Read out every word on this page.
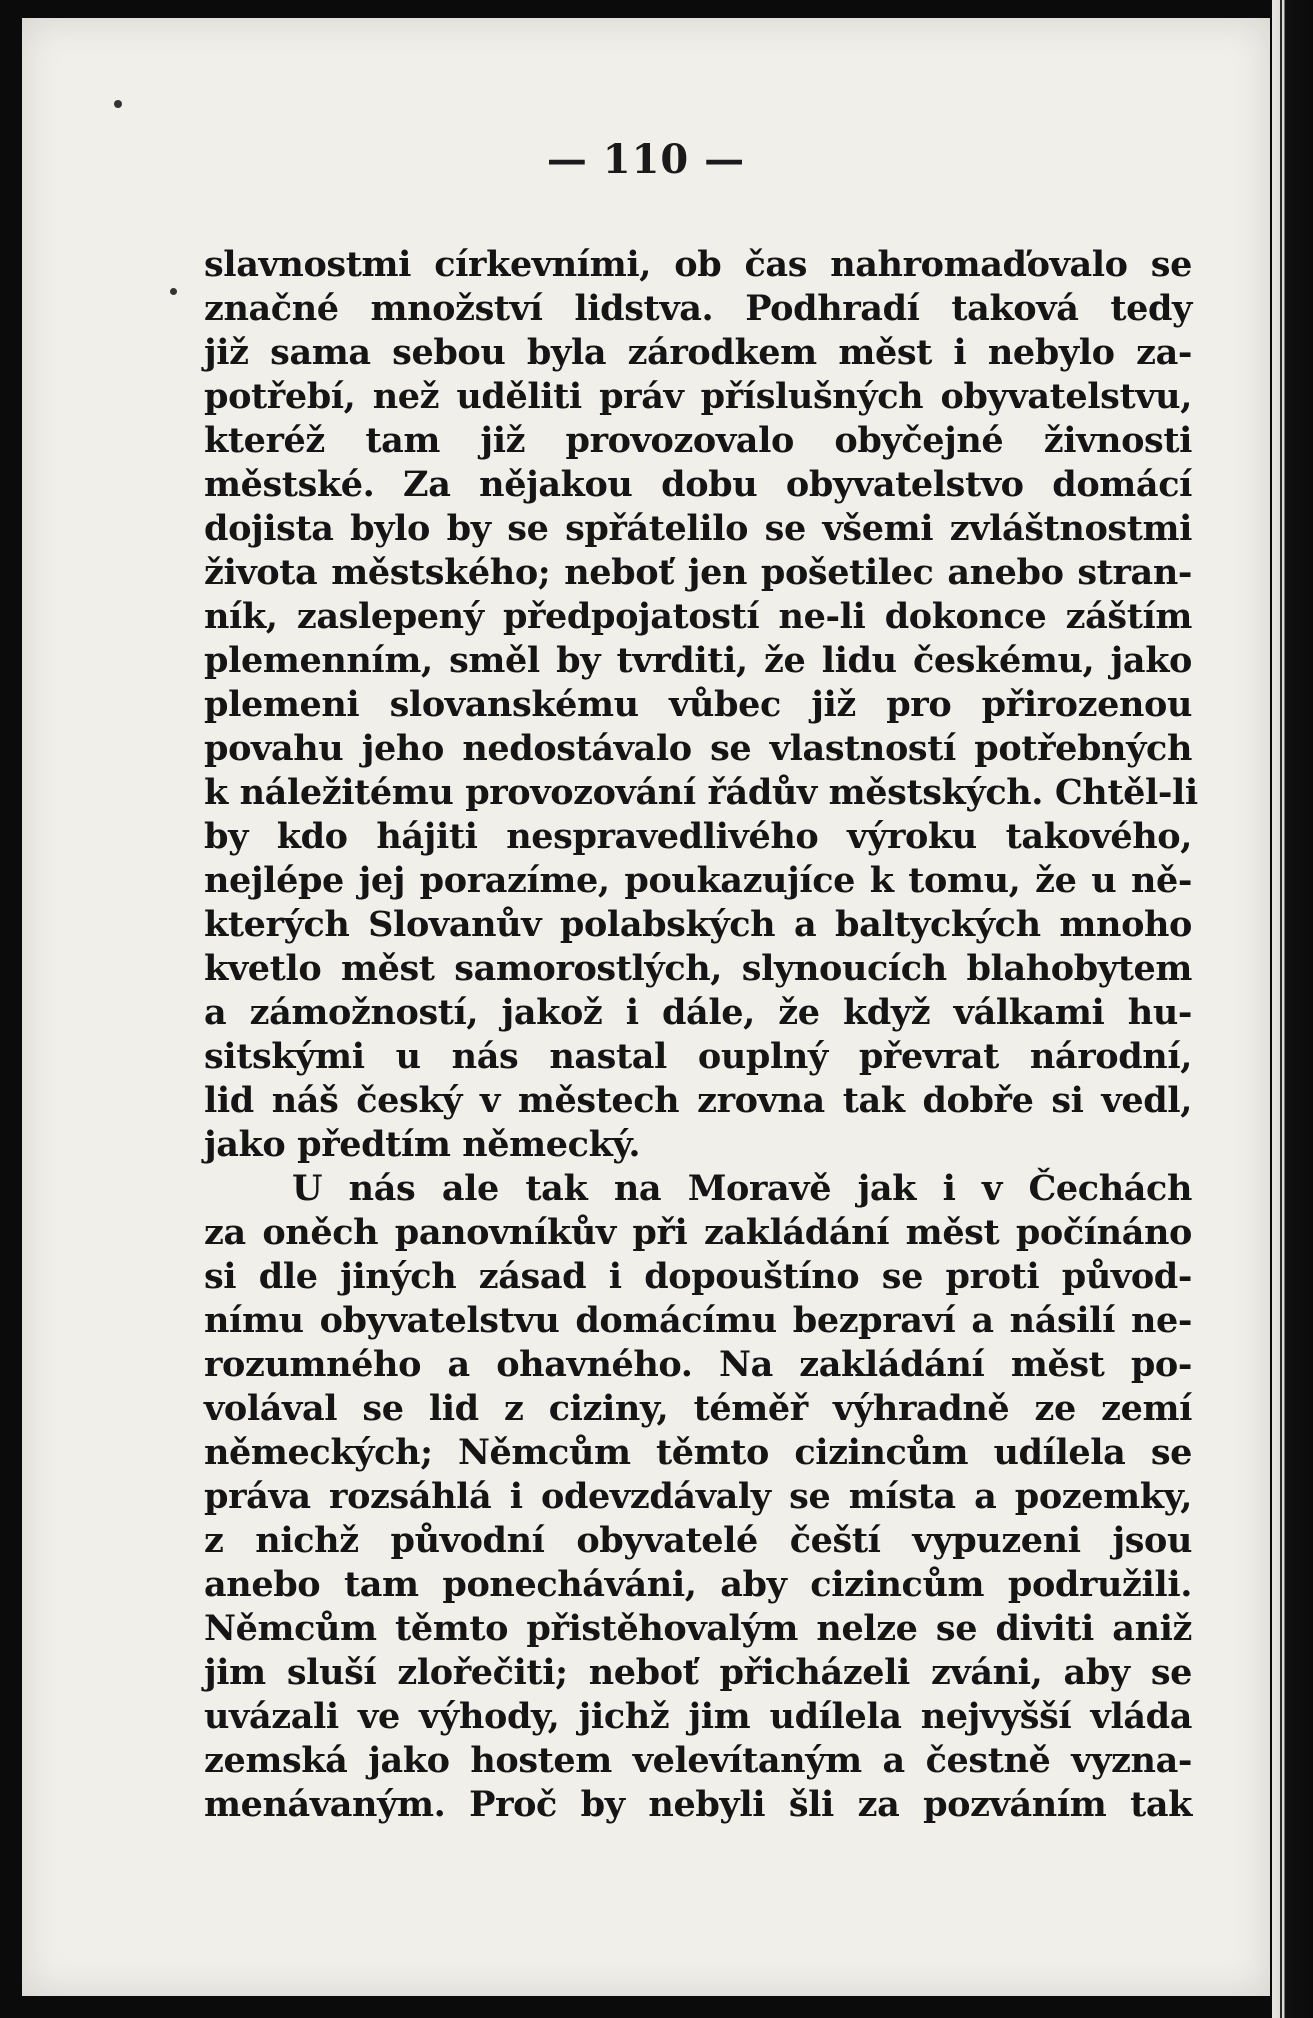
— 110 —
slavnostmi církevními, ob čas nahromaďovalo se
značné množství lidstva. Podhradí taková tedy
již sama sebou byla zárodkem měst i nebylo za-
potřebí, než uděliti práv příslušných obyvatelstvu,
kteréž tam již provozovalo obyčejné živnosti
městské. Za nějakou dobu obyvatelstvo domácí
dojista bylo by se spřátelilo se všemi zvláštnostmi
života městského; neboť jen pošetilec anebo stran-
ník, zaslepený předpojatostí ne-li dokonce záštím
plemenním, směl by tvrditi, že lidu českému, jako
plemeni slovanskému vůbec již pro přirozenou
povahu jeho nedostávalo se vlastností potřebných
k náležitému provozování řádův městských. Chtěl-li
by kdo hájiti nespravedlivého výroku takového,
nejlépe jej porazíme, poukazujíce k tomu, že u ně-
kterých Slovanův polabských a baltyckých mnoho
kvetlo měst samorostlých, slynoucích blahobytem
a zámožností, jakož i dále, že když válkami hu-
sitskými u nás nastal ouplný převrat národní,
lid náš český v městech zrovna tak dobře si vedl,
jako předtím německý.
U nás ale tak na Moravě jak i v Čechách
za oněch panovníkův při zakládání měst počínáno
si dle jiných zásad i dopouštíno se proti původ-
nímu obyvatelstvu domácímu bezpraví a násilí ne-
rozumného a ohavného. Na zakládání měst po-
volával se lid z ciziny, téměř výhradně ze zemí
německých; Němcům těmto cizincům udílela se
práva rozsáhlá i odevzdávaly se místa a pozemky,
z nichž původní obyvatelé čeští vypuzeni jsou
anebo tam ponecháváni, aby cizincům podružili.
Němcům těmto přistěhovalým nelze se diviti aniž
jim sluší zlořečiti; neboť přicházeli zváni, aby se
uvázali ve výhody, jichž jim udílela nejvyšší vláda
zemská jako hostem velevítaným a čestně vyzna-
menávaným. Proč by nebyli šli za pozváním tak
